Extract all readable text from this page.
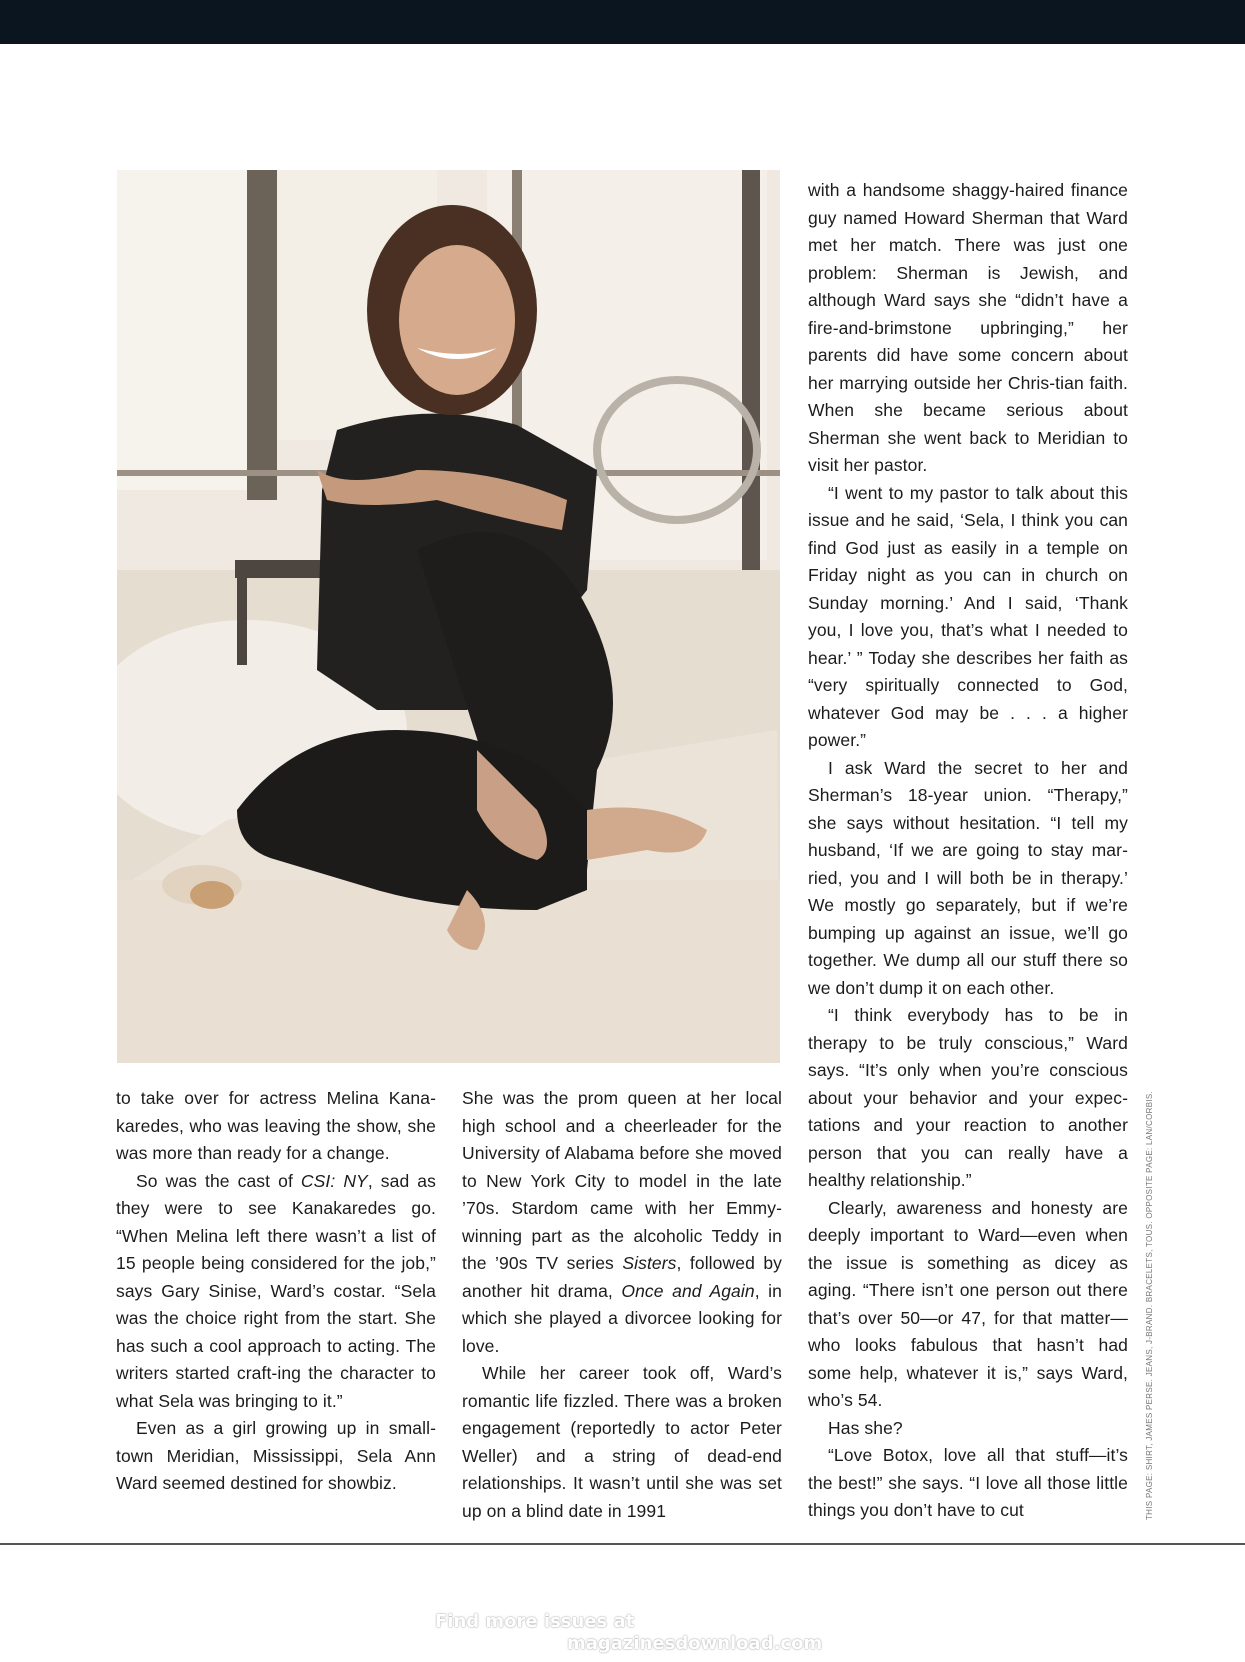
with a handsome shaggy-haired finance guy named Howard Sherman that Ward met her match. There was just one problem: Sherman is Jewish, and although Ward says she “didn’t have a fire-and-brimstone upbringing,” her parents did have some concern about her marrying outside her Chris-tian faith. When she became serious about Sherman she went back to Meridian to visit her pastor.

“I went to my pastor to talk about this issue and he said, ‘Sela, I think you can find God just as easily in a temple on Friday night as you can in church on Sunday morning.’ And I said, ‘Thank you, I love you, that’s what I needed to hear.’ ” Today she describes her faith as “very spiritually connected to God, whatever God may be . . . a higher power.”

I ask Ward the secret to her and Sherman’s 18-year union. “Therapy,” she says without hesitation. “I tell my husband, ‘If we are going to stay mar-ried, you and I will both be in therapy.’ We mostly go separately, but if we’re bumping up against an issue, we’ll go together. We dump all our stuff there so we don’t dump it on each other.

“I think everybody has to be in therapy to be truly conscious,” Ward says. “It’s only when you’re conscious about your behavior and your expec-tations and your reaction to another person that you can really have a healthy relationship.”

Clearly, awareness and honesty are deeply important to Ward—even when the issue is something as dicey as aging. “There isn’t one person out there that’s over 50—or 47, for that matter—who looks fabulous that hasn’t had some help, whatever it is,” says Ward, who’s 54.

Has she?

“Love Botox, love all that stuff—it’s the best!” she says. “I love all those little things you don’t have to cut

to take over for actress Melina Kana-karedes, who was leaving the show, she was more than ready for a change.

So was the cast of CSI: NY, sad as they were to see Kanakaredes go. “When Melina left there wasn’t a list of 15 people being considered for the job,” says Gary Sinise, Ward’s costar. “Sela was the choice right from the start. She has such a cool approach to acting. The writers started craft-ing the character to what Sela was bringing to it.”

Even as a girl growing up in small-town Meridian, Mississippi, Sela Ann Ward seemed destined for showbiz.

She was the prom queen at her local high school and a cheerleader for the University of Alabama before she moved to New York City to model in the late ’70s. Stardom came with her Emmy-winning part as the alcoholic Teddy in the ’90s TV series Sisters, followed by another hit drama, Once and Again, in which she played a divorcee looking for love.

While her career took off, Ward’s romantic life fizzled. There was a broken engagement (reportedly to actor Peter Weller) and a string of dead-end relationships. It wasn’t until she was set up on a blind date in 1991	THIS PAGE: SHIRT, JAMES PERSE. JEANS, J-BRAND. BRACELETS, TOUS. OPPOSITE PAGE: LAN/CORBIS.
Find more issues at
magazinesdownload.com
